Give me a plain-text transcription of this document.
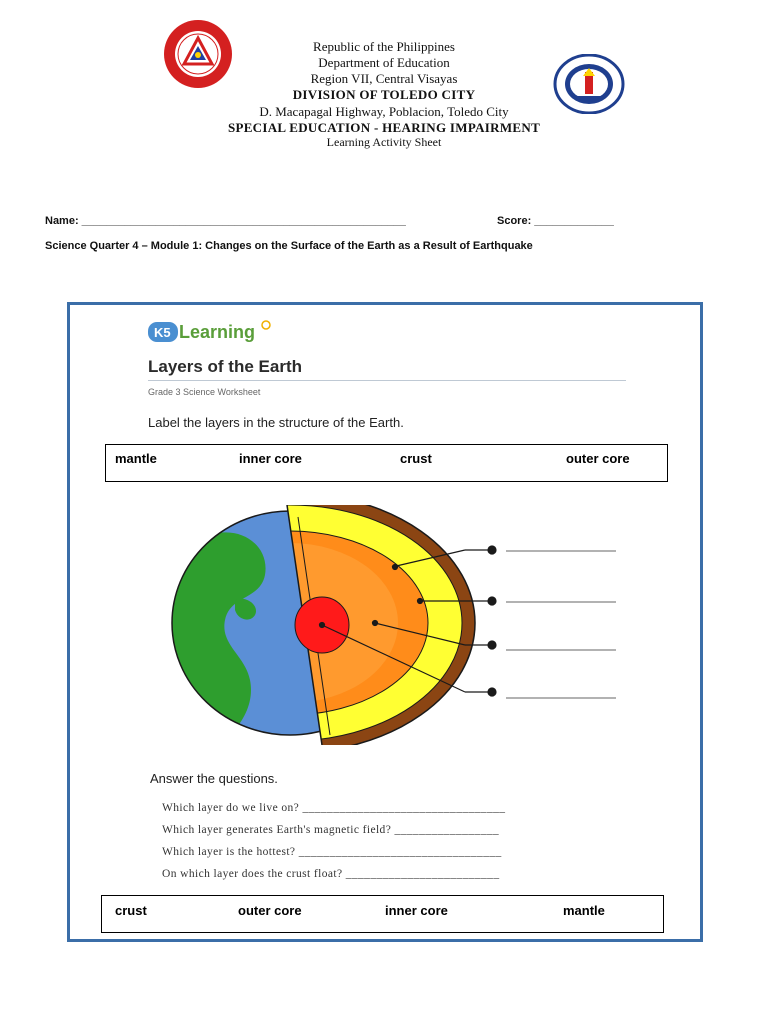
Republic of the Philippines
Department of Education
Region VII, Central Visayas
DIVISION OF TOLEDO CITY
D. Macapagal Highway, Poblacion, Toledo City
SPECIAL EDUCATION - HEARING IMPAIRMENT
Learning Activity Sheet
Name: _____________________________________________________	Score: _____________
Science Quarter 4 – Module 1: Changes on the Surface of the Earth as a Result of Earthquake
K5 Learning
Layers of the Earth
Grade 3 Science Worksheet
Label the layers in the structure of the Earth.
mantle	inner core	crust	outer core
Answer the questions.
Which layer do we live on? _________________________________
Which layer generates Earth's magnetic field? _________________
Which layer is the hottest? _________________________________
On which layer does the crust float? _________________________
crust	outer core	inner core	mantle
